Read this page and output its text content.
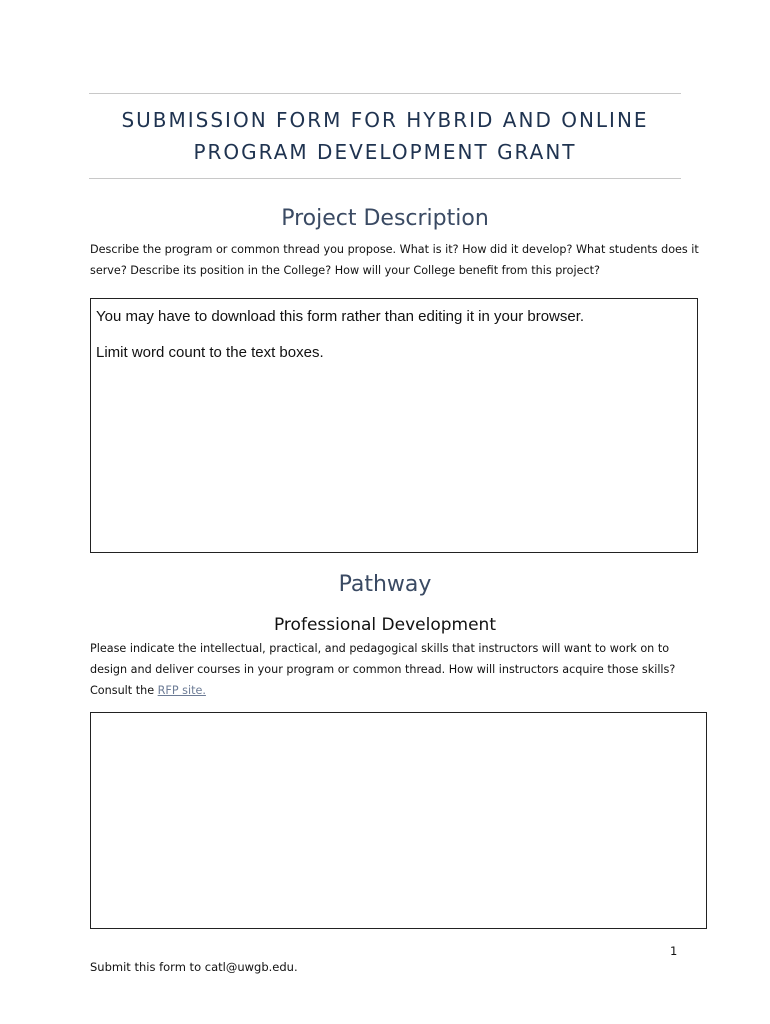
SUBMISSION FORM FOR HYBRID AND ONLINE
PROGRAM DEVELOPMENT GRANT
Project Description
Describe the program or common thread you propose. What is it? How did it develop? What students does it
serve? Describe its position in the College? How will your College benefit from this project?
You may have to download this form rather than editing it in your browser.
Limit word count to the text boxes.
Pathway
Professional Development
Please indicate the intellectual, practical, and pedagogical skills that instructors will want to work on to
design and deliver courses in your program or common thread. How will instructors acquire those skills?
Consult the RFP site.
1
Submit this form to catl@uwgb.edu.
